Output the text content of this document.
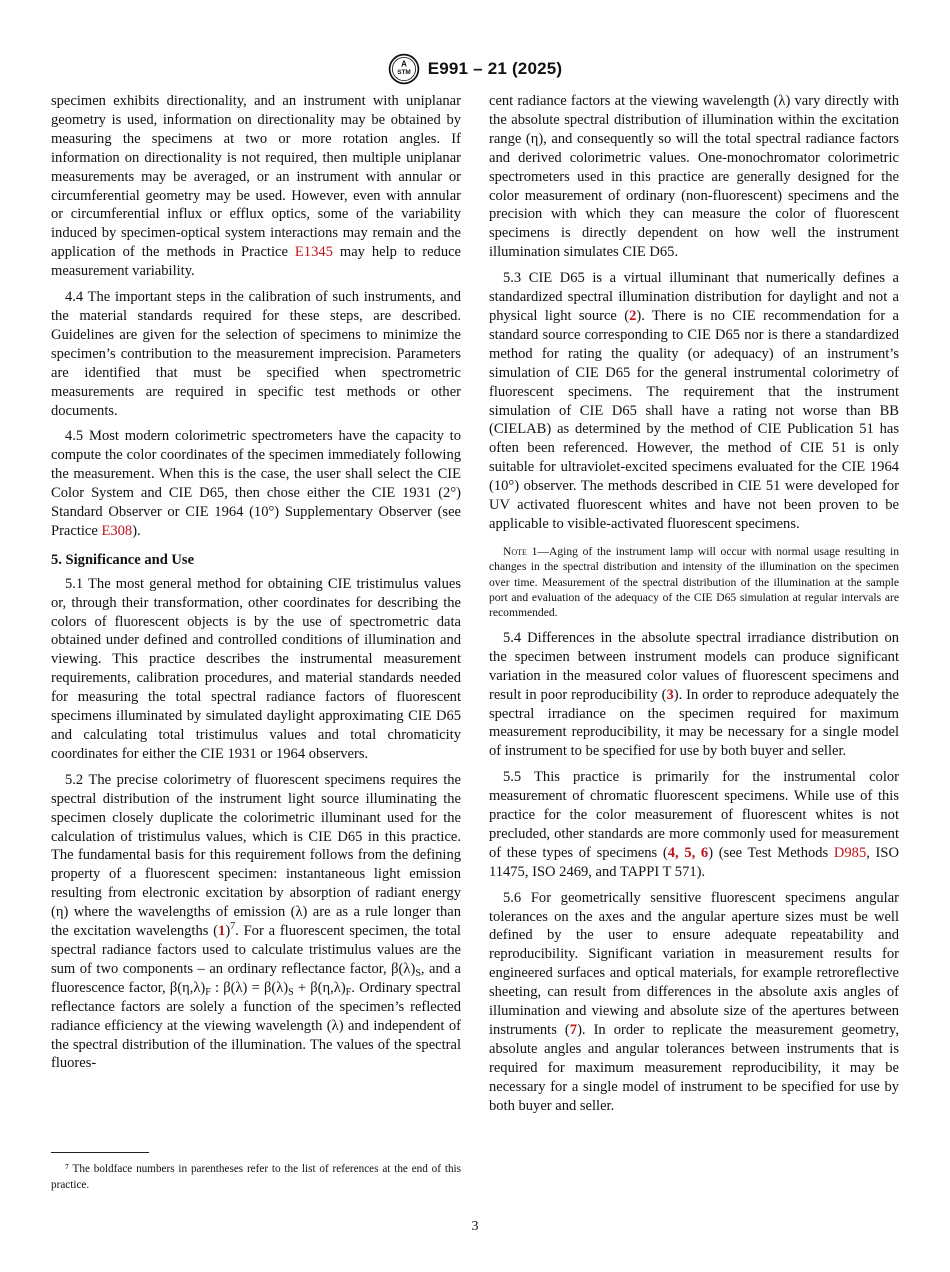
A
STM E991 – 21 (2025)

specimen exhibits directionality, and an instrument with uniplanar geometry is used, information on directionality may be obtained by measuring the specimens at two or more rotation angles. If information on directionality is not required, then multiple uniplanar measurements may be averaged, or an instrument with annular or circumferential geometry may be used. However, even with annular or circumferential influx or efflux optics, some of the variability induced by specimen-optical system interactions may remain and the application of the methods in Practice E1345 may help to reduce measurement variability.

4.4 The important steps in the calibration of such instruments, and the material standards required for these steps, are described. Guidelines are given for the selection of specimens to minimize the specimen’s contribution to the measurement imprecision. Parameters are identified that must be specified when spectrometric measurements are required in specific test methods or other documents.

4.5 Most modern colorimetric spectrometers have the capacity to compute the color coordinates of the specimen immediately following the measurement. When this is the case, the user shall select the CIE Color System and CIE D65, then chose either the CIE 1931 (2°) Standard Observer or CIE 1964 (10°) Supplementary Observer (see Practice E308).

5. Significance and Use

5.1 The most general method for obtaining CIE tristimulus values or, through their transformation, other coordinates for describing the colors of fluorescent objects is by the use of spectrometric data obtained under defined and controlled conditions of illumination and viewing. This practice describes the instrumental measurement requirements, calibration procedures, and material standards needed for measuring the total spectral radiance factors of fluorescent specimens illuminated by simulated daylight approximating CIE D65 and calculating total tristimulus values and total chromaticity coordinates for either the CIE 1931 or 1964 observers.

5.2 The precise colorimetry of fluorescent specimens requires the spectral distribution of the instrument light source illuminating the specimen closely duplicate the colorimetric illuminant used for the calculation of tristimulus values, which is CIE D65 in this practice. The fundamental basis for this requirement follows from the defining property of a fluorescent specimen: instantaneous light emission resulting from electronic excitation by absorption of radiant energy (η) where the wavelengths of emission (λ) are as a rule longer than the excitation wavelengths $(1)^7$. For a fluorescent specimen, the total spectral radiance factors used to calculate tristimulus values are the sum of two components – an ordinary reflectance factor, $\beta(\lambda)_S$, and a fluorescence factor, $\beta(\eta,\lambda)_F$ : $\beta(\lambda) = \beta(\lambda)_S + \beta(\eta,\lambda)_F$. Ordinary spectral reflectance factors are solely a function of the specimen’s reflected radiance efficiency at the viewing wavelength (λ) and independent of the spectral distribution of the illumination. The values of the spectral fluores-

⁷ The boldface numbers in parentheses refer to the list of references at the end of this practice.

cent radiance factors at the viewing wavelength (λ) vary directly with the absolute spectral distribution of illumination within the excitation range (η), and consequently so will the total spectral radiance factors and derived colorimetric values. One-monochromator colorimetric spectrometers used in this practice are generally designed for the color measurement of ordinary (non-fluorescent) specimens and the precision with which they can measure the color of fluorescent specimens is directly dependent on how well the instrument illumination simulates CIE D65.

5.3 CIE D65 is a virtual illuminant that numerically defines a standardized spectral illumination distribution for daylight and not a physical light source (2). There is no CIE recommendation for a standard source corresponding to CIE D65 nor is there a standardized method for rating the quality (or adequacy) of an instrument’s simulation of CIE D65 for the general instrumental colorimetry of fluorescent specimens. The requirement that the instrument simulation of CIE D65 shall have a rating not worse than BB (CIELAB) as determined by the method of CIE Publication 51 has often been referenced. However, the method of CIE 51 is only suitable for ultraviolet-excited specimens evaluated for the CIE 1964 (10°) observer. The methods described in CIE 51 were developed for UV activated fluorescent whites and have not been proven to be applicable to visible-activated fluorescent specimens.

Note 1—Aging of the instrument lamp will occur with normal usage resulting in changes in the spectral distribution and intensity of the illumination on the specimen over time. Measurement of the spectral distribution of the illumination at the sample port and evaluation of the adequacy of the CIE D65 simulation at regular intervals are recommended.

5.4 Differences in the absolute spectral irradiance distribution on the specimen between instrument models can produce significant variation in the measured color values of fluorescent specimens and result in poor reproducibility (3). In order to reproduce adequately the spectral irradiance on the specimen required for maximum measurement reproducibility, it may be necessary for a single model of instrument to be specified for use by both buyer and seller.

5.5 This practice is primarily for the instrumental color measurement of chromatic fluorescent specimens. While use of this practice for the color measurement of fluorescent whites is not precluded, other standards are more commonly used for measurement of these types of specimens (4, 5, 6) (see Test Methods D985, ISO 11475, ISO 2469, and TAPPI T 571).

5.6 For geometrically sensitive fluorescent specimens angular tolerances on the axes and the angular aperture sizes must be well defined by the user to ensure adequate repeatability and reproducibility. Significant variation in measurement results for engineered surfaces and optical materials, for example retroreflective sheeting, can result from differences in the absolute axis angles of illumination and viewing and absolute size of the apertures between instruments (7). In order to replicate the measurement geometry, absolute angles and angular tolerances between instruments that is required for maximum measurement reproducibility, it may be necessary for a single model of instrument to be specified for use by both buyer and seller.

3
